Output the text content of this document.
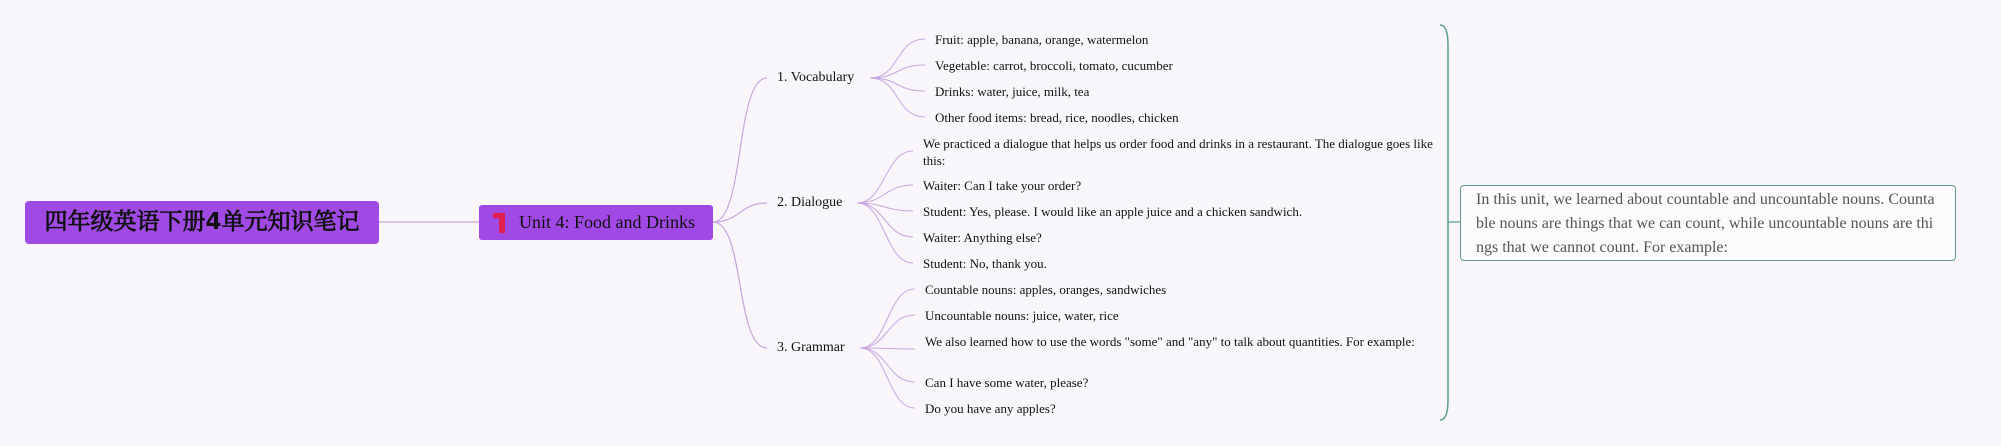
四年级英语下册4单元知识笔记	Unit 4: Food and Drinks
1. Vocabulary
Fruit: apple, banana, orange, watermelon
Vegetable: carrot, broccoli, tomato, cucumber
Drinks: water, juice, milk, tea
Other food items: bread, rice, noodles, chicken
2. Dialogue
We practiced a dialogue that helps us order food and drinks in a restaurant. The dialogue goes like this:
Waiter: Can I take your order?
Student: Yes, please. I would like an apple juice and a chicken sandwich.
Waiter: Anything else?
Student: No, thank you.
3. Grammar
Countable nouns: apples, oranges, sandwiches
Uncountable nouns: juice, water, rice
We also learned how to use the words "some" and "any" to talk about quantities. For example:
Can I have some water, please?
Do you have any apples?
In this unit, we learned about countable and uncountable nouns. Countable nouns are things that we can count, while uncountable nouns are things that we cannot count. For example:
